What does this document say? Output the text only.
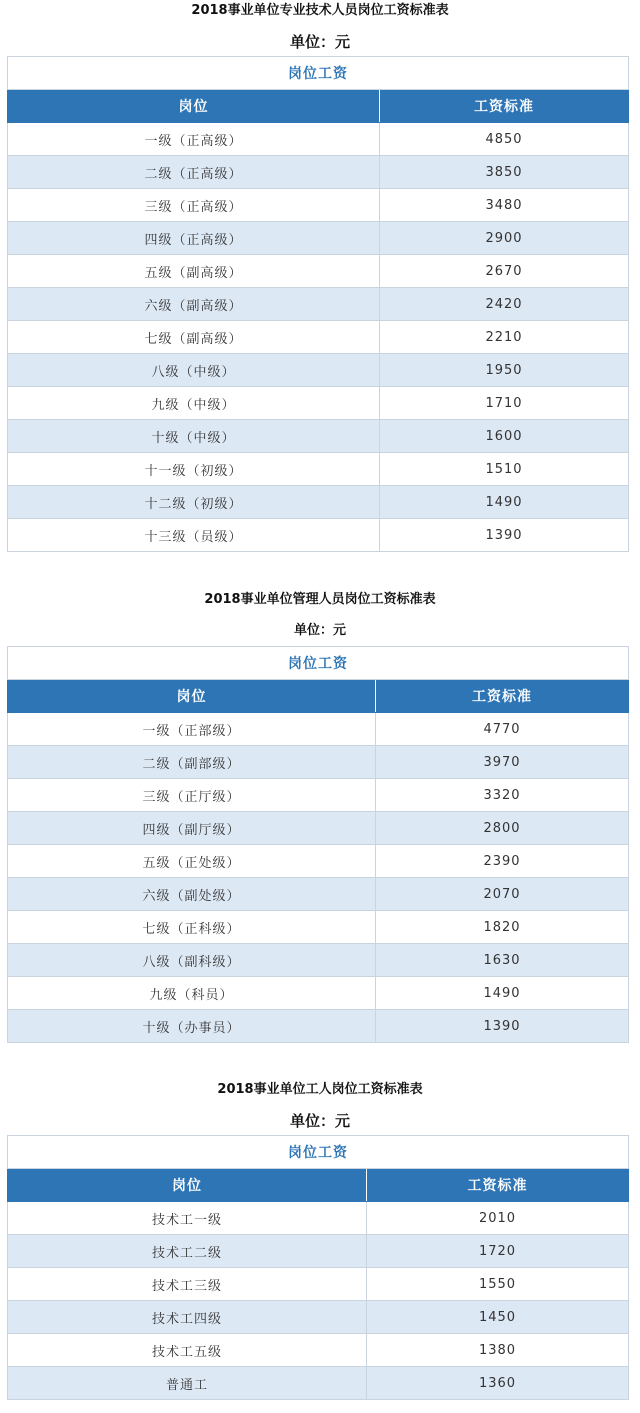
2018事业单位专业技术人员岗位工资标准表
单位：元
岗位工资	
岗位	工资标准
一级（正高级）	4850
二级（正高级）	3850
三级（正高级）	3480
四级（正高级）	2900
五级（副高级）	2670
六级（副高级）	2420
七级（副高级）	2210
八级（中级）	1950
九级（中级）	1710
十级（中级）	1600
十一级（初级）	1510
十二级（初级）	1490
十三级（员级）	1390
2018事业单位管理人员岗位工资标准表
单位：元
岗位工资	
岗位	工资标准
一级（正部级）	4770
二级（副部级）	3970
三级（正厅级）	3320
四级（副厅级）	2800
五级（正处级）	2390
六级（副处级）	2070
七级（正科级）	1820
八级（副科级）	1630
九级（科员）	1490
十级（办事员）	1390
2018事业单位工人岗位工资标准表
单位：元
岗位工资	
岗位	工资标准
技术工一级	2010
技术工二级	1720
技术工三级	1550
技术工四级	1450
技术工五级	1380
普通工	1360
